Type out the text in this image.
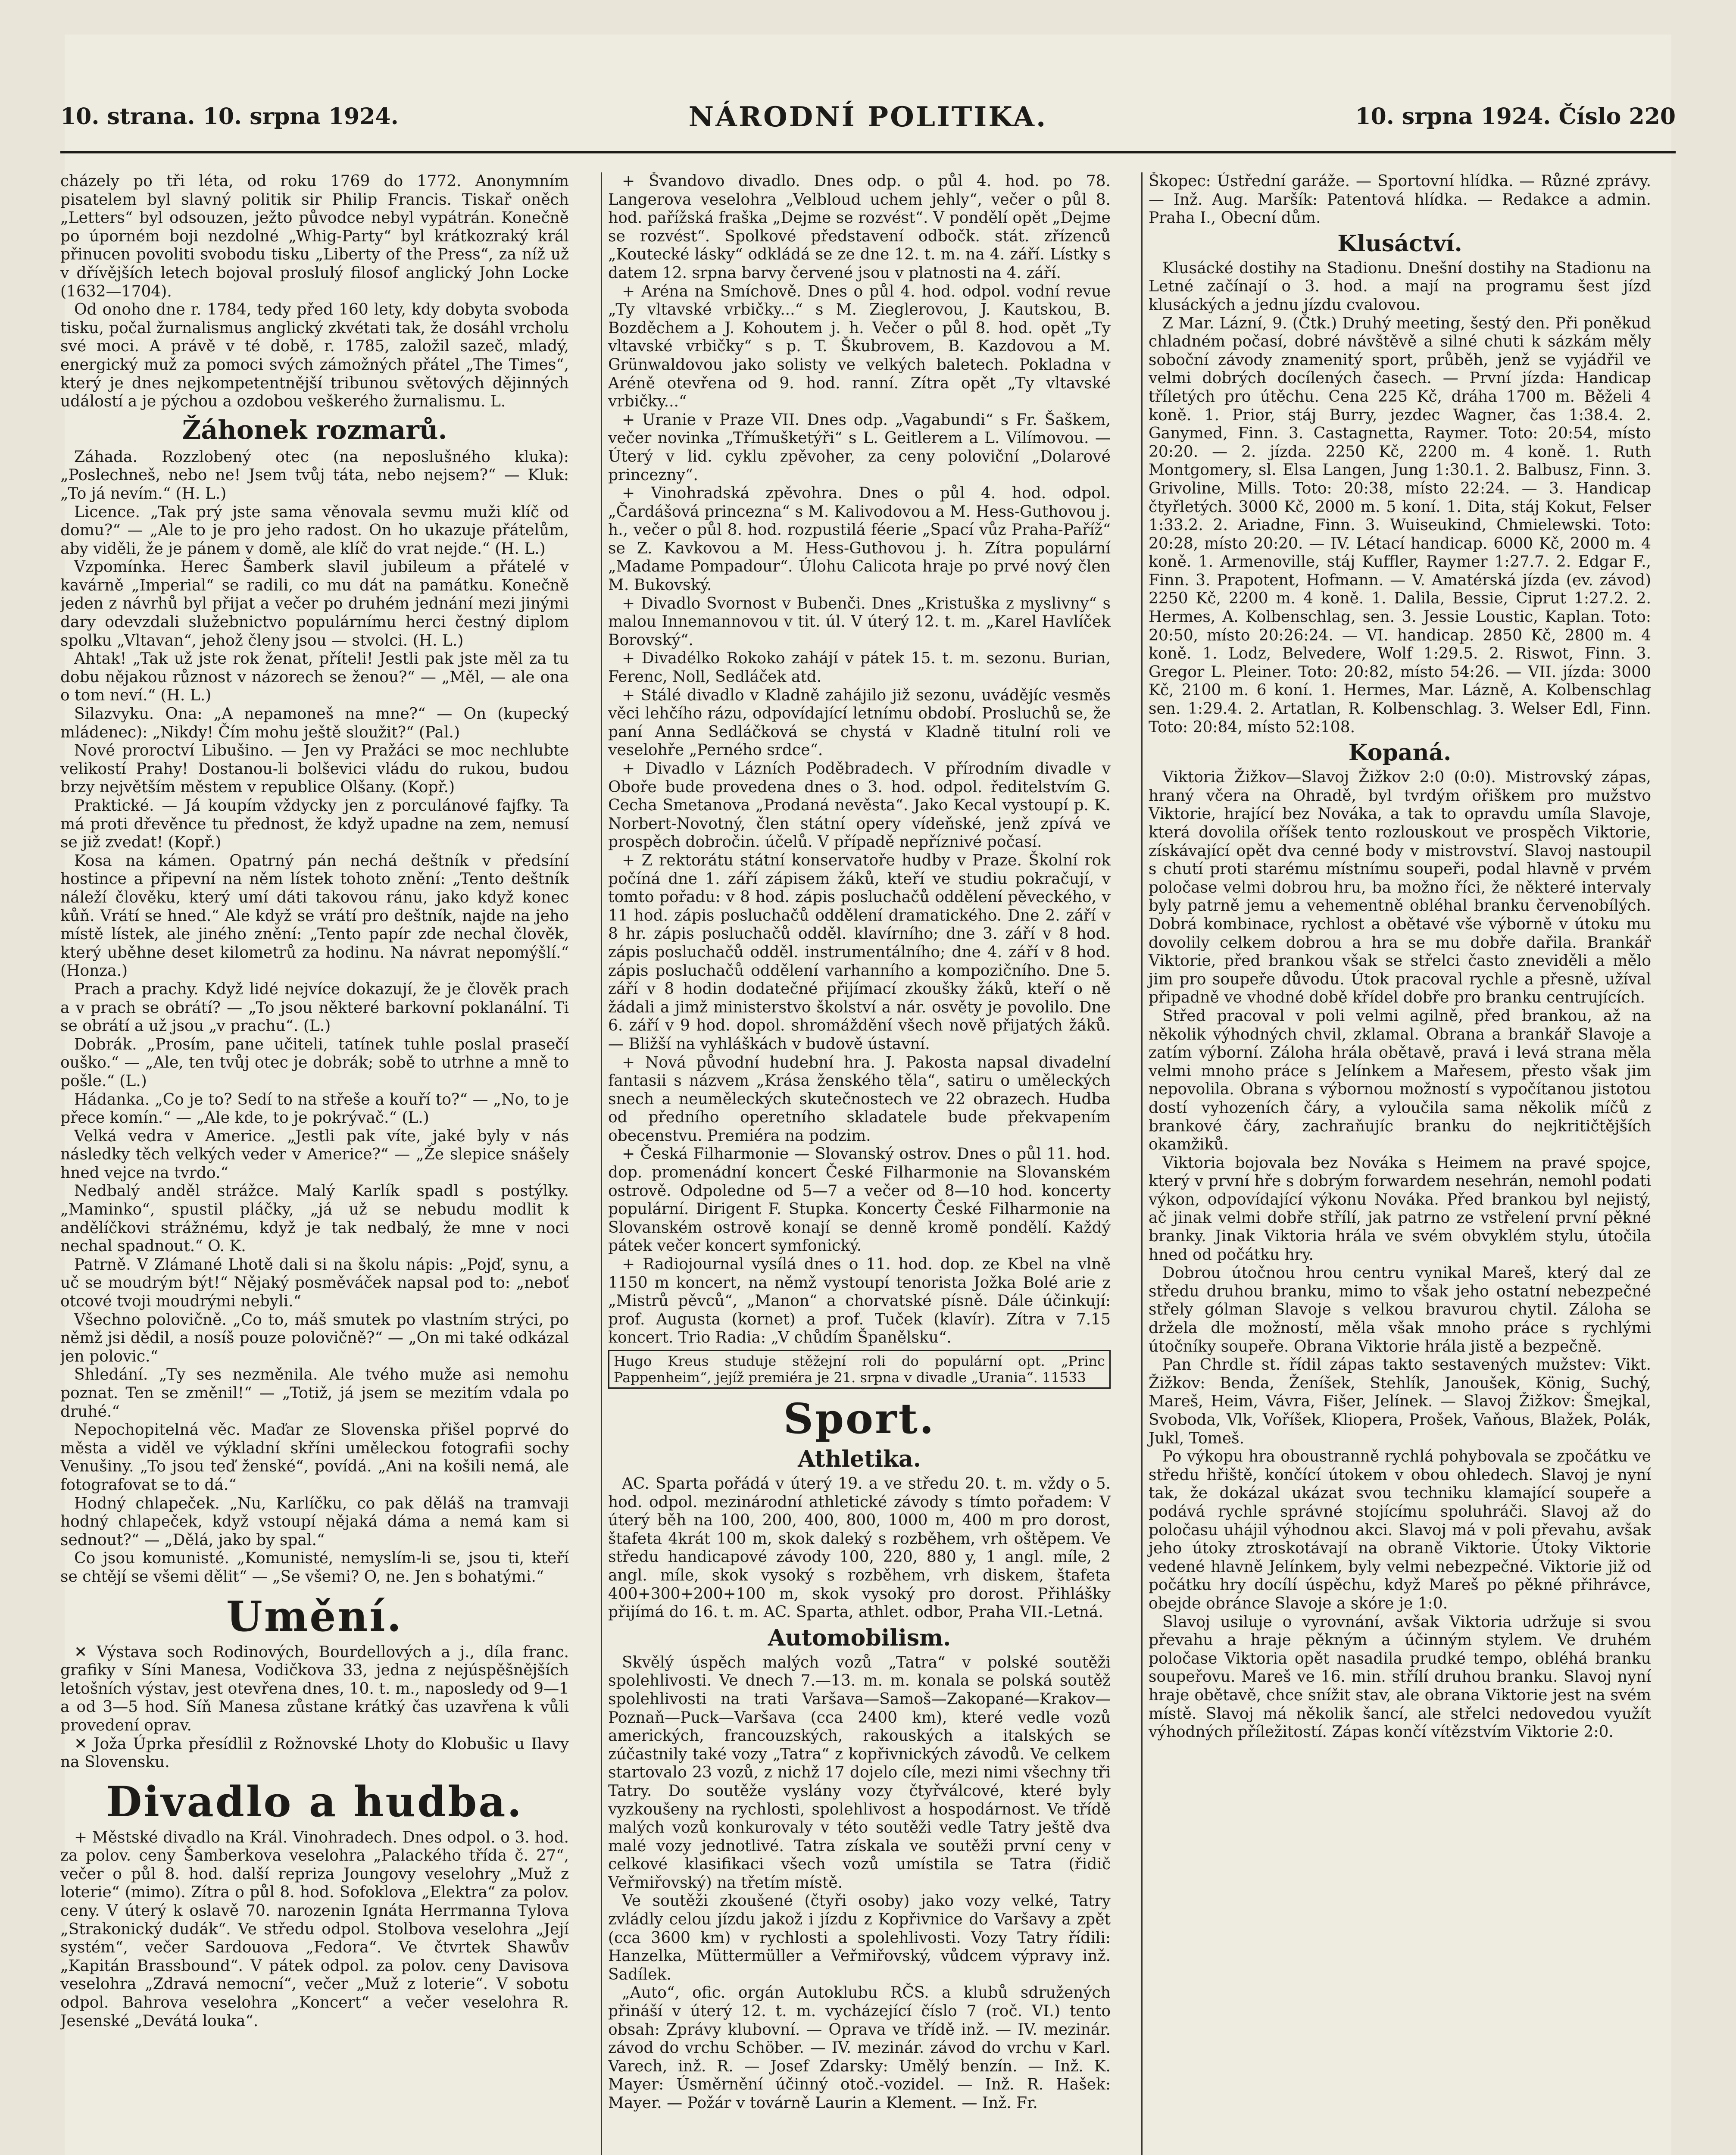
10. strana. 10. srpna 1924.	NÁRODNÍ POLITIKA.	10. srpna 1924. Číslo 220

cházely po tři léta, od roku 1769 do 1772. Anonymním pisatelem byl slavný politik sir Philip Francis. Tiskař oněch „Letters“ byl odsouzen, ježto původce nebyl vypátrán. Konečně po úporném boji nezdolné „Whig-Party“ byl krátkozraký král přinucen povoliti svobodu tisku „Liberty of the Press“, za níž už v dřívějších letech bojoval proslulý filosof anglický John Locke (1632—1704).

Od onoho dne r. 1784, tedy před 160 lety, kdy dobyta svoboda tisku, počal žurnalismus anglický zkvétati tak, že dosáhl vrcholu své moci. A právě v té době, r. 1785, založil sazeč, mladý, energický muž za pomoci svých zámožných přátel „The Times“, který je dnes nejkompetentnější tribunou světových dějinných událostí a je pýchou a ozdobou veškerého žurnalismu. L.

Žáhonek rozmarů.

Záhada. Rozzlobený otec (na neposlušného kluka): „Poslechneš, nebo ne! Jsem tvůj táta, nebo nejsem?“ — Kluk: „To já nevím.“ (H. L.)

Licence. „Tak prý jste sama věnovala sevmu muži klíč od domu?“ — „Ale to je pro jeho radost. On ho ukazuje přátelům, aby viděli, že je pánem v domě, ale klíč do vrat nejde.“ (H. L.)

Vzpomínka. Herec Šamberk slavil jubileum a přátelé v kavárně „Imperial“ se radili, co mu dát na památku. Konečně jeden z návrhů byl přijat a večer po druhém jednání mezi jinými dary odevzdali služebnictvo populárnímu herci čestný diplom spolku „Vltavan“, jehož členy jsou — stvolci. (H. L.)

Ahtak! „Tak už jste rok ženat, příteli! Jestli pak jste měl za tu dobu nějakou různost v názorech se ženou?“ — „Měl, — ale ona o tom neví.“ (H. L.)

Silazvyku. Ona: „A nepamoneš na mne?“ — On (kupecký mládenec): „Nikdy! Čím mohu ještě sloužit?“ (Pal.)

Nové proroctví Libušino. — Jen vy Pražáci se moc nechlubte velikostí Prahy! Dostanou-li bolševici vládu do rukou, budou brzy největším městem v republice Olšany. (Kopř.)

Praktické. — Já koupím vždycky jen z porculánové fajfky. Ta má proti dřevěnce tu přednost, že když upadne na zem, nemusí se již zvedat! (Kopř.)

Kosa na kámen. Opatrný pán nechá deštník v předsíní hostince a připevní na něm lístek tohoto znění: „Tento deštník náleží člověku, který umí dáti takovou ránu, jako když konec kůň. Vrátí se hned.“ Ale když se vrátí pro deštník, najde na jeho místě lístek, ale jiného znění: „Tento papír zde nechal člověk, který uběhne deset kilometrů za hodinu. Na návrat nepomýšlí.“ (Honza.)

Prach a prachy. Když lidé nejvíce dokazují, že je člověk prach a v prach se obrátí? — „To jsou některé barkovní poklanální. Ti se obrátí a už jsou „v prachu“. (L.)

Dobrák. „Prosím, pane učiteli, tatínek tuhle poslal prasečí ouško.“ — „Ale, ten tvůj otec je dobrák; sobě to utrhne a mně to pošle.“ (L.)

Hádanka. „Co je to? Sedí to na střeše a kouří to?“ — „No, to je přece komín.“ — „Ale kde, to je pokrývač.“ (L.)

Velká vedra v Americe. „Jestli pak víte, jaké byly v nás následky těch velkých veder v Americe?“ — „Že slepice snášely hned vejce na tvrdo.“

Nedbalý anděl strážce. Malý Karlík spadl s postýlky. „Maminko“, spustil pláčky, „já už se nebudu modlit k andělíčkovi strážnému, když je tak nedbalý, že mne v noci nechal spadnout.“ O. K.

Patrně. V Zlámané Lhotě dali si na školu nápis: „Pojď, synu, a uč se moudrým být!“ Nějaký posměváček napsal pod to: „neboť otcové tvoji moudrými nebyli.“

Všechno polovičně. „Co to, máš smutek po vlastním strýci, po němž jsi dědil, a nosíš pouze polovičně?“ — „On mi také odkázal jen polovic.“

Shledání. „Ty ses nezměnila. Ale tvého muže asi nemohu poznat. Ten se změnil!“ — „Totiž, já jsem se mezitím vdala po druhé.“

Nepochopitelná věc. Maďar ze Slovenska přišel poprvé do města a viděl ve výkladní skříni uměleckou fotografii sochy Venušiny. „To jsou teď ženské“, povídá. „Ani na košili nemá, ale fotografovat se to dá.“

Hodný chlapeček. „Nu, Karlíčku, co pak děláš na tramvaji hodný chlapeček, když vstoupí nějaká dáma a nemá kam si sednout?“ — „Dělá, jako by spal.“

Co jsou komunisté. „Komunisté, nemyslím-li se, jsou ti, kteří se chtějí se všemi dělit“ — „Se všemi? O, ne. Jen s bohatými.“

Umění.

✕ Výstava soch Rodinových, Bourdellových a j., díla franc. grafiky v Síni Manesa, Vodičkova 33, jedna z nejúspěšnějších letošních výstav, jest otevřena dnes, 10. t. m., naposledy od 9—1 a od 3—5 hod. Síň Manesa zůstane krátký čas uzavřena k vůli provedení oprav.

✕ Joža Úprka přesídlil z Rožnovské Lhoty do Klobušic u Ilavy na Slovensku.

Divadlo a hudba.

+ Městské divadlo na Král. Vinohradech. Dnes odpol. o 3. hod. za polov. ceny Šamberkova veselohra „Palackého třída č. 27“, večer o půl 8. hod. další repriza Joungovy veselohry „Muž z loterie“ (mimo). Zítra o půl 8. hod. Sofoklova „Elektra“ za polov. ceny. V úterý k oslavě 70. narozenin Ignáta Herrmanna Tylova „Strakonický dudák“. Ve středu odpol. Stolbova veselohra „Její systém“, večer Sardouova „Fedora“. Ve čtvrtek Shawův „Kapitán Brassbound“. V pátek odpol. za polov. ceny Davisova veselohra „Zdravá nemocní“, večer „Muž z loterie“. V sobotu odpol. Bahrova veselohra „Koncert“ a večer veselohra R. Jesenské „Devátá louka“.

+ Švandovo divadlo. Dnes odp. o půl 4. hod. po 78. Langerova veselohra „Velbloud uchem jehly“, večer o půl 8. hod. pařížská fraška „Dejme se rozvést“. V pondělí opět „Dejme se rozvést“. Spolkové představení odbočk. stát. zřízenců „Koutecké lásky“ odkládá se ze dne 12. t. m. na 4. září. Lístky s datem 12. srpna barvy červené jsou v platnosti na 4. září.

+ Aréna na Smíchově. Dnes o půl 4. hod. odpol. vodní revue „Ty vltavské vrbičky...“ s M. Zieglerovou, J. Kautskou, B. Bozděchem a J. Kohoutem j. h. Večer o půl 8. hod. opět „Ty vltavské vrbičky“ s p. T. Škubrovem, B. Kazdovou a M. Grünwaldovou jako solisty ve velkých baletech. Pokladna v Aréně otevřena od 9. hod. ranní. Zítra opět „Ty vltavské vrbičky...“

+ Uranie v Praze VII. Dnes odp. „Vagabundi“ s Fr. Šaškem, večer novinka „Třímušketýři“ s L. Geitlerem a L. Vilímovou. — Úterý v lid. cyklu zpěvoher, za ceny poloviční „Dolarové princezny“.

+ Vinohradská zpěvohra. Dnes o půl 4. hod. odpol. „Čardášová princezna“ s M. Kalivodovou a M. Hess-Guthovou j. h., večer o půl 8. hod. rozpustilá féerie „Spací vůz Praha-Paříž“ se Z. Kavkovou a M. Hess-Guthovou j. h. Zítra populární „Madame Pompadour“. Úlohu Calicota hraje po prvé nový člen M. Bukovský.

+ Divadlo Svornost v Bubenči. Dnes „Kristuška z myslivny“ s malou Innemannovou v tit. úl. V úterý 12. t. m. „Karel Havlíček Borovský“.

+ Divadélko Rokoko zahájí v pátek 15. t. m. sezonu. Burian, Ferenc, Noll, Sedláček atd.

+ Stálé divadlo v Kladně zahájilo již sezonu, uvádějíc vesměs věci lehčího rázu, odpovídající letnímu období. Prosluchů se, že paní Anna Sedláčková se chystá v Kladně titulní roli ve veselohře „Perného srdce“.

+ Divadlo v Lázních Poděbradech. V přírodním divadle v Oboře bude provedena dnes o 3. hod. odpol. ředitelstvím G. Cecha Smetanova „Prodaná nevěsta“. Jako Kecal vystoupí p. K. Norbert-Novotný, člen státní opery vídeňské, jenž zpívá ve prospěch dobročin. účelů. V případě nepříznivé počasí.

+ Z rektorátu státní konservatoře hudby v Praze. Školní rok počíná dne 1. září zápisem žáků, kteří ve studiu pokračují, v tomto pořadu: v 8 hod. zápis posluchačů oddělení pěveckého, v 11 hod. zápis posluchačů oddělení dramatického. Dne 2. září v 8 hr. zápis posluchačů odděl. klavírního; dne 3. září v 8 hod. zápis posluchačů odděl. instrumentálního; dne 4. září v 8 hod. zápis posluchačů oddělení varhanního a kompozičního. Dne 5. září v 8 hodin dodatečné přijímací zkoušky žáků, kteří o ně žádali a jimž ministerstvo školství a nár. osvěty je povolilo. Dne 6. září v 9 hod. dopol. shromáždění všech nově přijatých žáků. — Bližší na vyhláškách v budově ústavní.

+ Nová původní hudební hra. J. Pakosta napsal divadelní fantasii s názvem „Krása ženského těla“, satiru o uměleckých snech a neuměleckých skutečnostech ve 22 obrazech. Hudba od předního operetního skladatele bude překvapením obecenstvu. Premiéra na podzim.

+ Česká Filharmonie — Slovanský ostrov. Dnes o půl 11. hod. dop. promenádní koncert České Filharmonie na Slovanském ostrově. Odpoledne od 5—7 a večer od 8—10 hod. koncerty populární. Dirigent F. Stupka. Koncerty České Filharmonie na Slovanském ostrově konají se denně kromě pondělí. Každý pátek večer koncert symfonický.

+ Radiojournal vysílá dnes o 11. hod. dop. ze Kbel na vlně 1150 m koncert, na němž vystoupí tenorista Jožka Bolé arie z „Mistrů pěvců“, „Manon“ a chorvatské písně. Dále účinkují: prof. Augusta (kornet) a prof. Tuček (klavír). Zítra v 7.15 koncert. Trio Radia: „V chůdím Španělsku“.

Hugo Kreus studuje stěžejní roli do populární opt. „Princ Pappenheim“, jejíž premiéra je 21. srpna v divadle „Urania“. 11533

Sport.
Athletika.

AC. Sparta pořádá v úterý 19. a ve středu 20. t. m. vždy o 5. hod. odpol. mezinárodní athletické závody s tímto pořadem: V úterý běh na 100, 200, 400, 800, 1000 m, 400 m pro dorost, štafeta 4krát 100 m, skok daleký s rozběhem, vrh oštěpem. Ve středu handicapové závody 100, 220, 880 y, 1 angl. míle, 2 angl. míle, skok vysoký s rozběhem, vrh diskem, štafeta 400+300+200+100 m, skok vysoký pro dorost. Přihlášky přijímá do 16. t. m. AC. Sparta, athlet. odbor, Praha VII.-Letná.

Automobilism.

Skvělý úspěch malých vozů „Tatra“ v polské soutěži spolehlivosti. Ve dnech 7.—13. m. m. konala se polská soutěž spolehlivosti na trati Varšava—Samoš—Zakopané—Krakov—Poznaň—Puck—Varšava (cca 2400 km), které vedle vozů amerických, francouzských, rakouských a italských se zúčastnily také vozy „Tatra“ z kopřivnických závodů. Ve celkem startovalo 23 vozů, z nichž 17 dojelo cíle, mezi nimi všechny tři Tatry. Do soutěže vyslány vozy čtyřválcové, které byly vyzkoušeny na rychlosti, spolehlivost a hospodárnost. Ve třídě malých vozů konkurovaly v této soutěži vedle Tatry ještě dva malé vozy jednotlivé. Tatra získala ve soutěži první ceny v celkové klasifikaci všech vozů umístila se Tatra (řidič Veřmiřovský) na třetím místě.

Ve soutěži zkoušené (čtyři osoby) jako vozy velké, Tatry zvládly celou jízdu jakož i jízdu z Kopřivnice do Varšavy a zpět (cca 3600 km) v rychlosti a spolehlivosti. Vozy Tatry řídili: Hanzelka, Müttermüller a Veřmiřovský, vůdcem výpravy inž. Sadílek.

„Auto“, ofic. orgán Autoklubu RČS. a klubů sdružených přináší v úterý 12. t. m. vycházející číslo 7 (roč. VI.) tento obsah: Zprávy klubovní. — Oprava ve třídě inž. — IV. mezinár. závod do vrchu Schöber. — IV. mezinár. závod do vrchu v Karl. Varech, inž. R. — Josef Zdarsky: Umělý benzín. — Inž. K. Mayer: Úsměrnění účinný otoč.-vozidel. — Inž. R. Hašek: Mayer. — Požár v továrně Laurin a Klement. — Inž. Fr.

Škopec: Ústřední garáže. — Sportovní hlídka. — Různé zprávy. — Inž. Aug. Maršík: Patentová hlídka. — Redakce a admin. Praha I., Obecní dům.

Klusáctví.

Klusácké dostihy na Stadionu. Dnešní dostihy na Stadionu na Letné začínají o 3. hod. a mají na programu šest jízd klusáckých a jednu jízdu cvalovou.

Z Mar. Lázní, 9. (Čtk.) Druhý meeting, šestý den. Při poněkud chladném počasí, dobré návštěvě a silné chuti k sázkám měly soboční závody znamenitý sport, průběh, jenž se vyjádřil ve velmi dobrých docílených časech. — První jízda: Handicap tříletých pro útěchu. Cena 225 Kč, dráha 1700 m. Běželi 4 koně. 1. Prior, stáj Burry, jezdec Wagner, čas 1:38.4. 2. Ganymed, Finn. 3. Castagnetta, Raymer. Toto: 20:54, místo 20:20. — 2. jízda. 2250 Kč, 2200 m. 4 koně. 1. Ruth Montgomery, sl. Elsa Langen, Jung 1:30.1. 2. Balbusz, Finn. 3. Grivoline, Mills. Toto: 20:38, místo 22:24. — 3. Handicap čtyřletých. 3000 Kč, 2000 m. 5 koní. 1. Dita, stáj Kokut, Felser 1:33.2. 2. Ariadne, Finn. 3. Wuiseukind, Chmielewski. Toto: 20:28, místo 20:20. — IV. Létací handicap. 6000 Kč, 2000 m. 4 koně. 1. Armenoville, stáj Kuffler, Raymer 1:27.7. 2. Edgar F., Finn. 3. Prapotent, Hofmann. — V. Amatérská jízda (ev. závod) 2250 Kč, 2200 m. 4 koně. 1. Dalila, Bessie, Ciprut 1:27.2. 2. Hermes, A. Kolbenschlag, sen. 3. Jessie Loustic, Kaplan. Toto: 20:50, místo 20:26:24. — VI. handicap. 2850 Kč, 2800 m. 4 koně. 1. Lodz, Belvedere, Wolf 1:29.5. 2. Riswot, Finn. 3. Gregor L. Pleiner. Toto: 20:82, místo 54:26. — VII. jízda: 3000 Kč, 2100 m. 6 koní. 1. Hermes, Mar. Lázně, A. Kolbenschlag sen. 1:29.4. 2. Artatlan, R. Kolbenschlag. 3. Welser Edl, Finn. Toto: 20:84, místo 52:108.

Kopaná.

Viktoria Žižkov—Slavoj Žižkov 2:0 (0:0). Mistrovský zápas, hraný včera na Ohradě, byl tvrdým ořiškem pro mužstvo Viktorie, hrající bez Nováka, a tak to opravdu umíla Slavoje, která dovolila oříšek tento rozlouskout ve prospěch Viktorie, získávající opět dva cenné body v mistrovství. Slavoj nastoupil s chutí proti starému místnímu soupeři, podal hlavně v prvém poločase velmi dobrou hru, ba možno říci, že některé intervaly byly patrně jemu a vehementně obléhal branku červenobílých. Dobrá kombinace, rychlost a obětavé vše výborně v útoku mu dovolily celkem dobrou a hra se mu dobře dařila. Brankář Viktorie, před brankou však se střelci často zneviděli a mělo jim pro soupeře důvodu. Útok pracoval rychle a přesně, užíval připadně ve vhodné době křídel dobře pro branku centrujících.

Střed pracoval v poli velmi agilně, před brankou, až na několik výhodných chvil, zklamal. Obrana a brankář Slavoje a zatím výborní. Záloha hrála obětavě, pravá i levá strana měla velmi mnoho práce s Jelínkem a Mařesem, přesto však jim nepovolila. Obrana s výbornou možností s vypočítanou jistotou dostí vyhozeních čáry, a vyloučila sama několik míčů z brankové čáry, zachraňujíc branku do nejkritičtějších okamžiků.

Viktoria bojovala bez Nováka s Heimem na pravé spojce, který v první hře s dobrým forwardem nesehrán, nemohl podati výkon, odpovídající výkonu Nováka. Před brankou byl nejistý, ač jinak velmi dobře střílí, jak patrno ze vstřelení první pěkné branky. Jinak Viktoria hrála ve svém obvyklém stylu, útočila hned od počátku hry.

Dobrou útočnou hrou centru vynikal Mareš, který dal ze středu druhou branku, mimo to však jeho ostatní nebezpečné střely gólman Slavoje s velkou bravurou chytil. Záloha se držela dle možností, měla však mnoho práce s rychlými útočníky soupeře. Obrana Viktorie hrála jistě a bezpečně.

Pan Chrdle st. řídil zápas takto sestavených mužstev: Vikt. Žižkov: Benda, Ženíšek, Stehlík, Janoušek, König, Suchý, Mareš, Heim, Vávra, Fišer, Jelínek. — Slavoj Žižkov: Šmejkal, Svoboda, Vlk, Voříšek, Kliopera, Prošek, Vaňous, Blažek, Polák, Jukl, Tomeš.

Po výkopu hra oboustranně rychlá pohybovala se zpočátku ve středu hřiště, končící útokem v obou ohledech. Slavoj je nyní tak, že dokázal ukázat svou techniku klamající soupeře a podává rychle správné stojícímu spoluhráči. Slavoj až do poločasu uhájil výhodnou akci. Slavoj má v poli převahu, avšak jeho útoky ztroskotávají na obraně Viktorie. Útoky Viktorie vedené hlavně Jelínkem, byly velmi nebezpečné. Viktorie již od počátku hry docílí úspěchu, když Mareš po pěkné přihrávce, obejde obránce Slavoje a skóre je 1:0.

Slavoj usiluje o vyrovnání, avšak Viktoria udržuje si svou převahu a hraje pěkným a účinným stylem. Ve druhém poločase Viktoria opět nasadila prudké tempo, obléhá branku soupeřovu. Mareš ve 16. min. střílí druhou branku. Slavoj nyní hraje obětavě, chce snížit stav, ale obrana Viktorie jest na svém místě. Slavoj má několik šancí, ale střelci nedovedou využít výhodných příležitostí. Zápas končí vítězstvím Viktorie 2:0.
